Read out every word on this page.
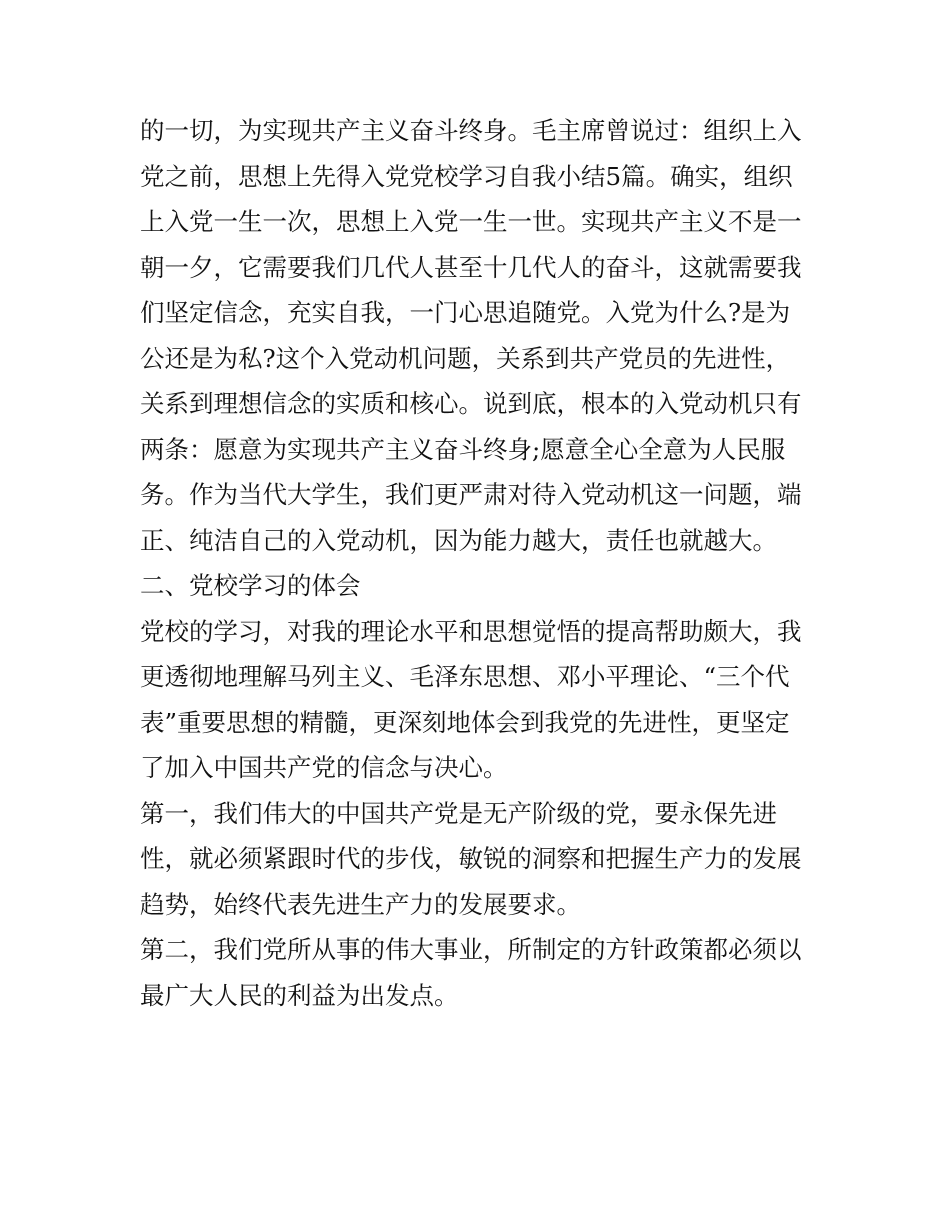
的一切，为实现共产主义奋斗终身。毛主席曾说过：组织上入
党之前，思想上先得入党党校学习自我小结5篇。确实，组织
上入党一生一次，思想上入党一生一世。实现共产主义不是一
朝一夕，它需要我们几代人甚至十几代人的奋斗，这就需要我
们坚定信念，充实自我，一门心思追随党。入党为什么?是为
公还是为私?这个入党动机问题，关系到共产党员的先进性，
关系到理想信念的实质和核心。说到底，根本的入党动机只有
两条：愿意为实现共产主义奋斗终身;愿意全心全意为人民服
务。作为当代大学生，我们更严肃对待入党动机这一问题，端
正、纯洁自己的入党动机，因为能力越大，责任也就越大。
二、党校学习的体会
党校的学习，对我的理论水平和思想觉悟的提高帮助颇大，我
更透彻地理解马列主义、毛泽东思想、邓小平理论、“三个代
表”重要思想的精髓，更深刻地体会到我党的先进性，更坚定
了加入中国共产党的信念与决心。
第一，我们伟大的中国共产党是无产阶级的党，要永保先进
性，就必须紧跟时代的步伐，敏锐的洞察和把握生产力的发展
趋势，始终代表先进生产力的发展要求。
第二，我们党所从事的伟大事业，所制定的方针政策都必须以
最广大人民的利益为出发点。
